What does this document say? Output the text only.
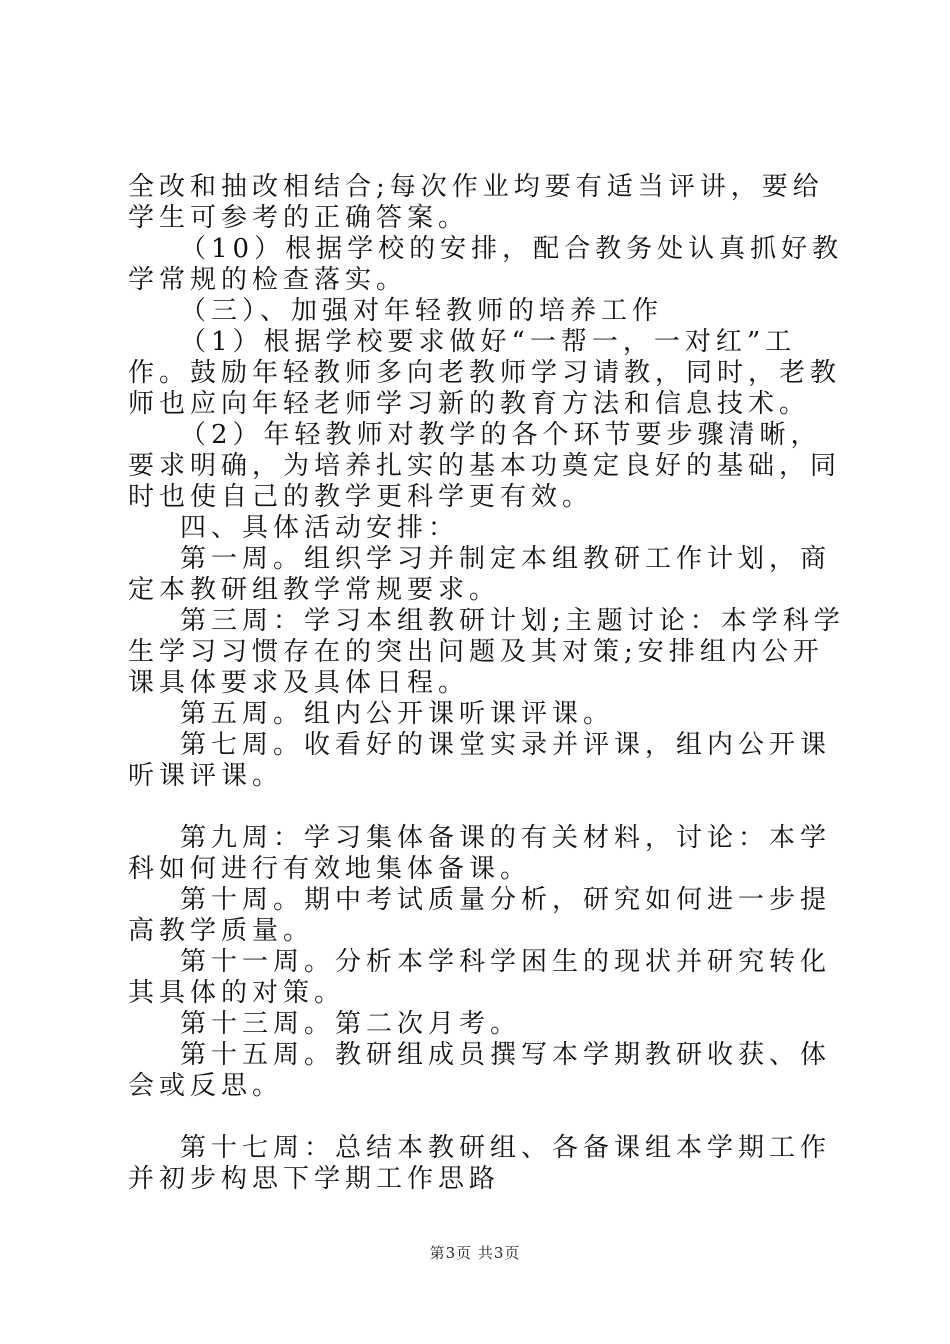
全改和抽改相结合;每次作业均要有适当评讲，要给学生可参考的正确答案。

（10）根据学校的安排，配合教务处认真抓好教学常规的检查落实。

（三）、加强对年轻教师的培养工作

（1）根据学校要求做好“一帮一，一对红”工作。鼓励年轻教师多向老教师学习请教，同时，老教师也应向年轻老师学习新的教育方法和信息技术。

（2）年轻教师对教学的各个环节要步骤清晰，要求明确，为培养扎实的基本功奠定良好的基础，同时也使自己的教学更科学更有效。

四、具体活动安排：

第一周。组织学习并制定本组教研工作计划，商定本教研组教学常规要求。

第三周：学习本组教研计划;主题讨论：本学科学生学习习惯存在的突出问题及其对策;安排组内公开课具体要求及具体日程。

第五周。组内公开课听课评课。

第七周。收看好的课堂实录并评课，组内公开课听课评课。

第九周：学习集体备课的有关材料，讨论：本学科如何进行有效地集体备课。

第十周。期中考试质量分析，研究如何进一步提高教学质量。

第十一周。分析本学科学困生的现状并研究转化其具体的对策。

第十三周。第二次月考。

第十五周。教研组成员撰写本学期教研收获、体会或反思。

第十七周：总结本教研组、各备课组本学期工作并初步构思下学期工作思路

第3页 共3页
